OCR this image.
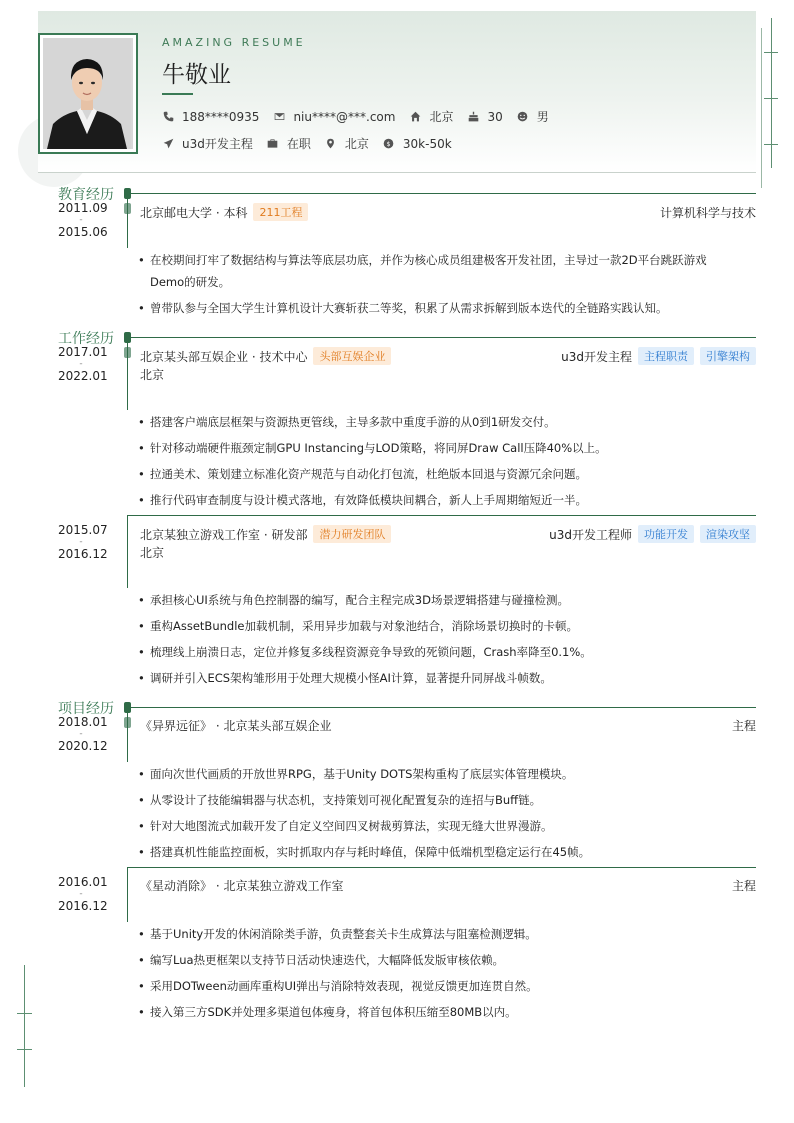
AMAZING RESUME
牛敬业
188****0935	niu****@***.com	北京	30	男
u3d开发主程	在职	北京 $ 30k-50k
教育经历
2011.09
-
2015.06
北京邮电大学 · 本科	211工程	计算机科学与技术
• 在校期间打牢了数据结构与算法等底层功底，并作为核心成员组建极客开发社团，主导过一款2D平台跳跃游戏
Demo的研发。
• 曾带队参与全国大学生计算机设计大赛斩获二等奖，积累了从需求拆解到版本迭代的全链路实践认知。
工作经历
2017.01
-
2022.01
北京某头部互娱企业 · 技术中心	头部互娱企业	u3d开发主程	主程职责	引擎架构
北京
• 搭建客户端底层框架与资源热更管线，主导多款中重度手游的从0到1研发交付。
• 针对移动端硬件瓶颈定制GPU Instancing与LOD策略，将同屏Draw Call压降40%以上。
• 拉通美术、策划建立标准化资产规范与自动化打包流，杜绝版本回退与资源冗余问题。
• 推行代码审查制度与设计模式落地，有效降低模块间耦合，新人上手周期缩短近一半。
2015.07
-
2016.12
北京某独立游戏工作室 · 研发部	潜力研发团队	u3d开发工程师	功能开发	渲染攻坚
北京
• 承担核心UI系统与角色控制器的编写，配合主程完成3D场景逻辑搭建与碰撞检测。
• 重构AssetBundle加载机制，采用异步加载与对象池结合，消除场景切换时的卡顿。
• 梳理线上崩溃日志，定位并修复多线程资源竞争导致的死锁问题，Crash率降至0.1%。
• 调研并引入ECS架构雏形用于处理大规模小怪AI计算，显著提升同屏战斗帧数。
项目经历
2018.01
-
2020.12
《异界远征》 · 北京某头部互娱企业	主程
• 面向次世代画质的开放世界RPG，基于Unity DOTS架构重构了底层实体管理模块。
• 从零设计了技能编辑器与状态机，支持策划可视化配置复杂的连招与Buff链。
• 针对大地图流式加载开发了自定义空间四叉树裁剪算法，实现无缝大世界漫游。
• 搭建真机性能监控面板，实时抓取内存与耗时峰值，保障中低端机型稳定运行在45帧。
2016.01
-
2016.12
《星动消除》 · 北京某独立游戏工作室	主程
• 基于Unity开发的休闲消除类手游，负责整套关卡生成算法与阻塞检测逻辑。
• 编写Lua热更框架以支持节日活动快速迭代，大幅降低发版审核依赖。
• 采用DOTween动画库重构UI弹出与消除特效表现，视觉反馈更加连贯自然。
• 接入第三方SDK并处理多渠道包体瘦身，将首包体积压缩至80MB以内。
